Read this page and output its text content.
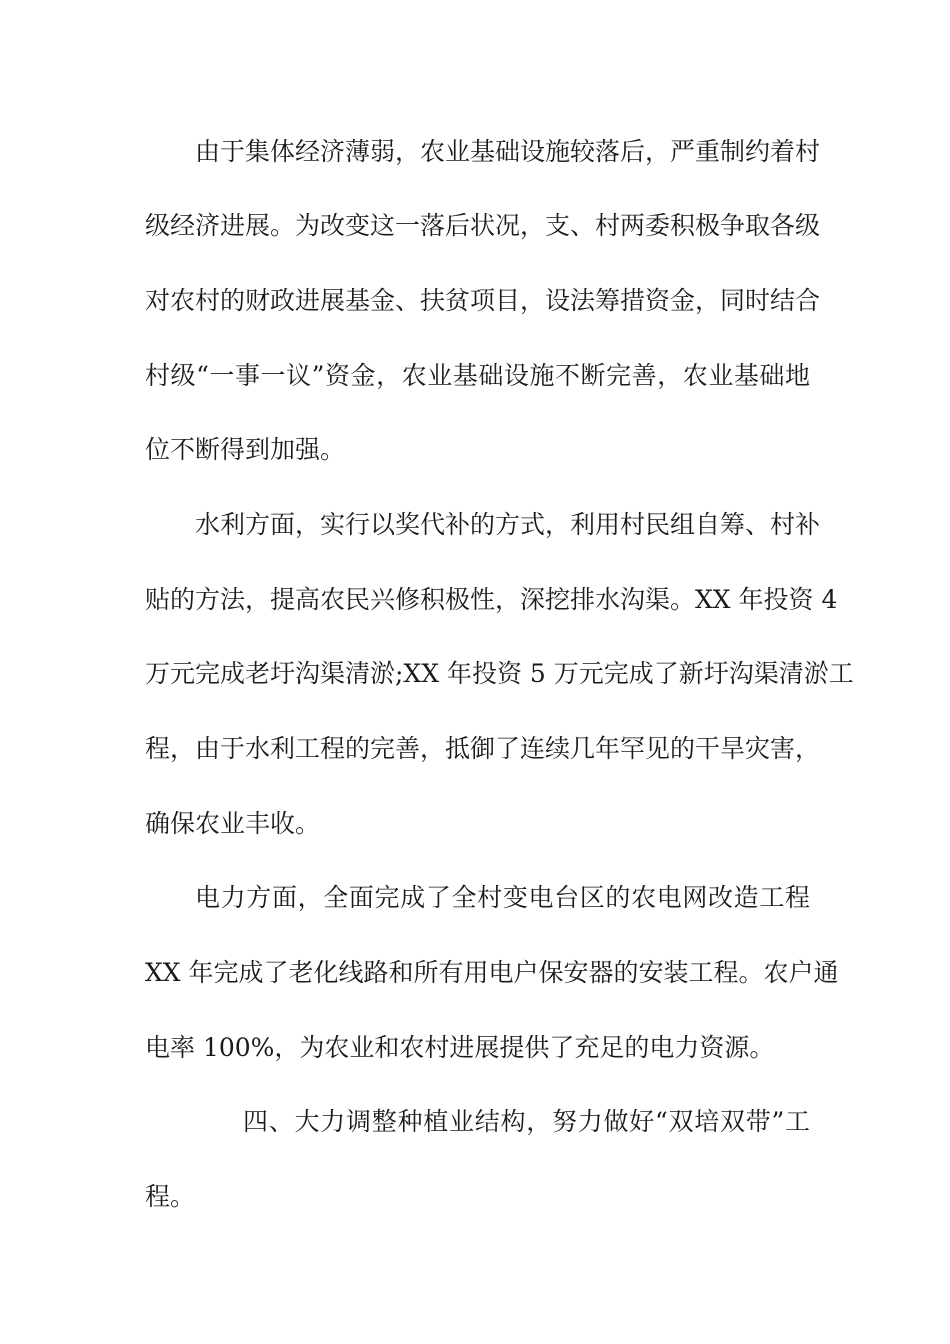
由于集体经济薄弱，农业基础设施较落后，严重制约着村
级经济进展。为改变这一落后状况，支、村两委积极争取各级
对农村的财政进展基金、扶贫项目，设法筹措资金，同时结合
村级“一事一议”资金，农业基础设施不断完善，农业基础地
位不断得到加强。
水利方面，实行以奖代补的方式，利用村民组自筹、村补
贴的方法，提高农民兴修积极性，深挖排水沟渠。XX 年投资 4
万元完成老圩沟渠清淤;XX 年投资 5 万元完成了新圩沟渠清淤工
程，由于水利工程的完善，抵御了连续几年罕见的干旱灾害，
确保农业丰收。
电力方面，全面完成了全村变电台区的农电网改造工程
XX 年完成了老化线路和所有用电户保安器的安装工程。农户通
电率 100%，为农业和农村进展提供了充足的电力资源。
四、大力调整种植业结构，努力做好“双培双带”工
程。
